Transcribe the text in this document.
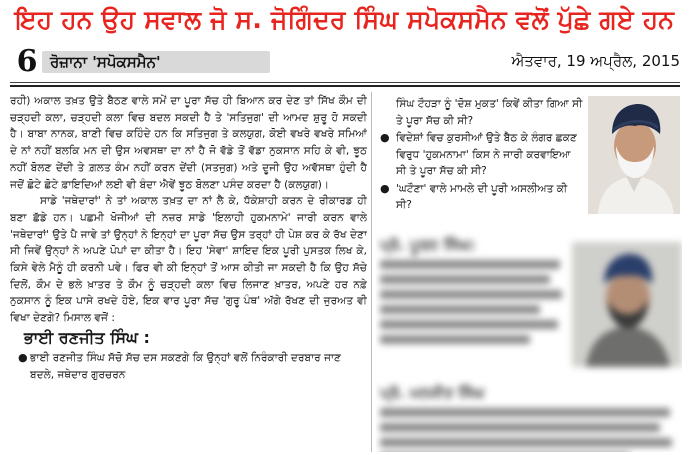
ਇਹ ਹਨ ਉਹ ਸਵਾਲ ਜੋ ਸ. ਜੋਗਿੰਦਰ ਸਿੰਘ ਸਪੋਕਸਮੈਨ ਵਲੋਂ ਪੁੱਛੇ ਗਏ ਹਨ
6 ਰੋਜ਼ਾਨਾ 'ਸਪੋਕਸਮੈਨ'	ਐਤਵਾਰ, 19 ਅਪ੍ਰੈਲ, 2015

ਰਹੀ) ਅਕਾਲ ਤਖ਼ਤ ਉਤੇ ਬੈਠਣ ਵਾਲੇ ਸਮੇਂ ਦਾ ਪੂਰਾ ਸੱਚ ਹੀ ਬਿਆਨ ਕਰ ਦੇਣ ਤਾਂ ਸਿੱਖ ਕੌਮ ਦੀ ਚੜ੍ਹਦੀ ਕਲਾ, ਚੜ੍ਹਦੀ ਕਲਾ ਵਿਚ ਬਦਲ ਸਕਦੀ ਹੈ ਤੇ 'ਸਤਿਜੁਗ' ਦੀ ਆਮਦ ਸ਼ੁਰੂ ਹੋ ਸਕਦੀ ਹੈ। ਬਾਬਾ ਨਾਨਕ, ਬਾਣੀ ਵਿਚ ਕਹਿੰਦੇ ਹਨ ਕਿ ਸਤਿਜੁਗ ਤੇ ਕਲਯੁਗ, ਕੋਈ ਵਖਰੇ ਵਖਰੇ ਸਮਿਆਂ ਦੇ ਨਾਂ ਨਹੀਂ ਬਲਕਿ ਮਨ ਦੀ ਉਸ ਅਵਸਥਾ ਦਾ ਨਾਂ ਹੈ ਜੋ ਵੱਡੇ ਤੋਂ ਵੱਡਾ ਨੁਕਸਾਨ ਸਹਿ ਕੇ ਵੀ, ਝੂਠ ਨਹੀਂ ਬੋਲਣ ਦੇਂਦੀ ਤੇ ਗ਼ਲਤ ਕੰਮ ਨਹੀਂ ਕਰਨ ਦੇਂਦੀ (ਸਤਜੁਗ) ਅਤੇ ਦੂਜੀ ਉਹ ਅਵੱਸਥਾ ਹੁੰਦੀ ਹੈ ਜਦੋਂ ਛੋਟੇ ਛੋਟੇ ਫ਼ਾਇਦਿਆਂ ਲਈ ਵੀ ਬੰਦਾ ਐਵੇਂ ਝੂਠ ਬੋਲਣਾ ਪਸੰਦ ਕਰਦਾ ਹੈ (ਕਲਯੁਗ)।

ਸਾਡੇ 'ਜਥੇਦਾਰਾਂ' ਨੇ ਤਾਂ ਅਕਾਲ ਤਖ਼ਤ ਦਾ ਨਾਂ ਲੈ ਕੇ, ਧੱਕੇਸ਼ਾਹੀ ਕਰਨ ਦੇ ਰੀਕਾਰਡ ਹੀ ਬਣਾ ਛੱਡੇ ਹਨ। ਪਛਮੀ ਖੋਜੀਆਂ ਦੀ ਨਜ਼ਰ ਸਾਡੇ 'ਇਲਾਹੀ ਹੁਕਮਨਾਮੇ' ਜਾਰੀ ਕਰਨ ਵਾਲੇ 'ਜਥੇਦਾਰਾਂ' ਉਤੇ ਪੈ ਜਾਵੇ ਤਾਂ ਉਨ੍ਹਾਂ ਨੇ ਇਨ੍ਹਾਂ ਦਾ ਪੂਰਾ ਸੱਚ ਉਸ ਤਰ੍ਹਾਂ ਹੀ ਪੇਸ਼ ਕਰ ਕੇ ਰੱਖ ਦੇਣਾ ਸੀ ਜਿਵੇਂ ਉਨ੍ਹਾਂ ਨੇ ਅਪਣੇ ਪੋਪਾਂ ਦਾ ਕੀਤਾ ਹੈ। ਇਹ 'ਸੇਵਾ' ਸ਼ਾਇਦ ਇਕ ਪੂਰੀ ਪੁਸਤਕ ਲਿਖ ਕੇ, ਕਿਸੇ ਵੇਲੇ ਮੈਨੂੰ ਹੀ ਕਰਨੀ ਪਵੇ। ਫਿਰ ਵੀ ਕੀ ਇਨ੍ਹਾਂ ਤੋਂ ਆਸ ਕੀਤੀ ਜਾ ਸਕਦੀ ਹੈ ਕਿ ਉਹ ਸੱਚੇ ਦਿਲੋਂ, ਕੌਮ ਦੇ ਭਲੇ ਖ਼ਾਤਰ ਤੇ ਕੌਮ ਨੂੰ ਚੜ੍ਹਦੀ ਕਲਾ ਵਿਚ ਲਿਜਾਣ ਖ਼ਾਤਰ, ਅਪਣੇ ਹਰ ਨਫ਼ੇ ਨੁਕਸਾਨ ਨੂੰ ਇਕ ਪਾਸੇ ਰਖਦੇ ਹੋਏ, ਇਕ ਵਾਰ ਪੂਰਾ ਸੱਚ 'ਗੁਰੂ ਪੰਥ' ਅੱਗੇ ਰੱਖਣ ਦੀ ਜੁਰਅਤ ਵੀ ਵਿਖਾ ਦੇਣਗੇ? ਮਿਸਾਲ ਵਜੋਂ :

ਭਾਈ ਰਣਜੀਤ ਸਿੰਘ :
● ਭਾਈ ਰਣਜੀਤ ਸਿੰਘ ਸੱਚੋ ਸੱਚ ਦਸ ਸਕਣਗੇ ਕਿ ਉਨ੍ਹਾਂ ਵਲੋਂ ਨਿਰੰਕਾਰੀ ਦਰਬਾਰ ਜਾਣ ਬਦਲੇ, ਜਥੇਦਾਰ ਗੁਰਚਰਨ
ਸਿੰਘ ਟੌਹੜਾ ਨੂੰ 'ਦੋਸ਼ ਮੁਕਤ' ਕਿਵੇਂ ਕੀਤਾ ਗਿਆ ਸੀ ਤੇ ਪੂਰਾ ਸੱਚ ਕੀ ਸੀ?
● ਵਿਦੇਸ਼ਾਂ ਵਿਚ ਕੁਰਸੀਆਂ ਉਤੇ ਬੈਠ ਕੇ ਲੰਗਰ ਛਕਣ ਵਿਰੁਧ 'ਹੁਕਮਨਾਮਾ' ਕਿਸ ਨੇ ਜਾਰੀ ਕਰਵਾਇਆ ਸੀ ਤੇ ਪੂਰਾ ਸੱਚ ਕੀ ਸੀ?
● 'ਘਟੌਣਾ' ਵਾਲੇ ਮਾਮਲੇ ਦੀ ਪੂਰੀ ਅਸਲੀਅਤ ਕੀ ਸੀ?
ਪ੍ਰੋ. ਪੂਰਨ ਸਿੰਘ:
ਪ੍ਰੋ. ਮਨਜੀਤ ਸਿੰਘ
